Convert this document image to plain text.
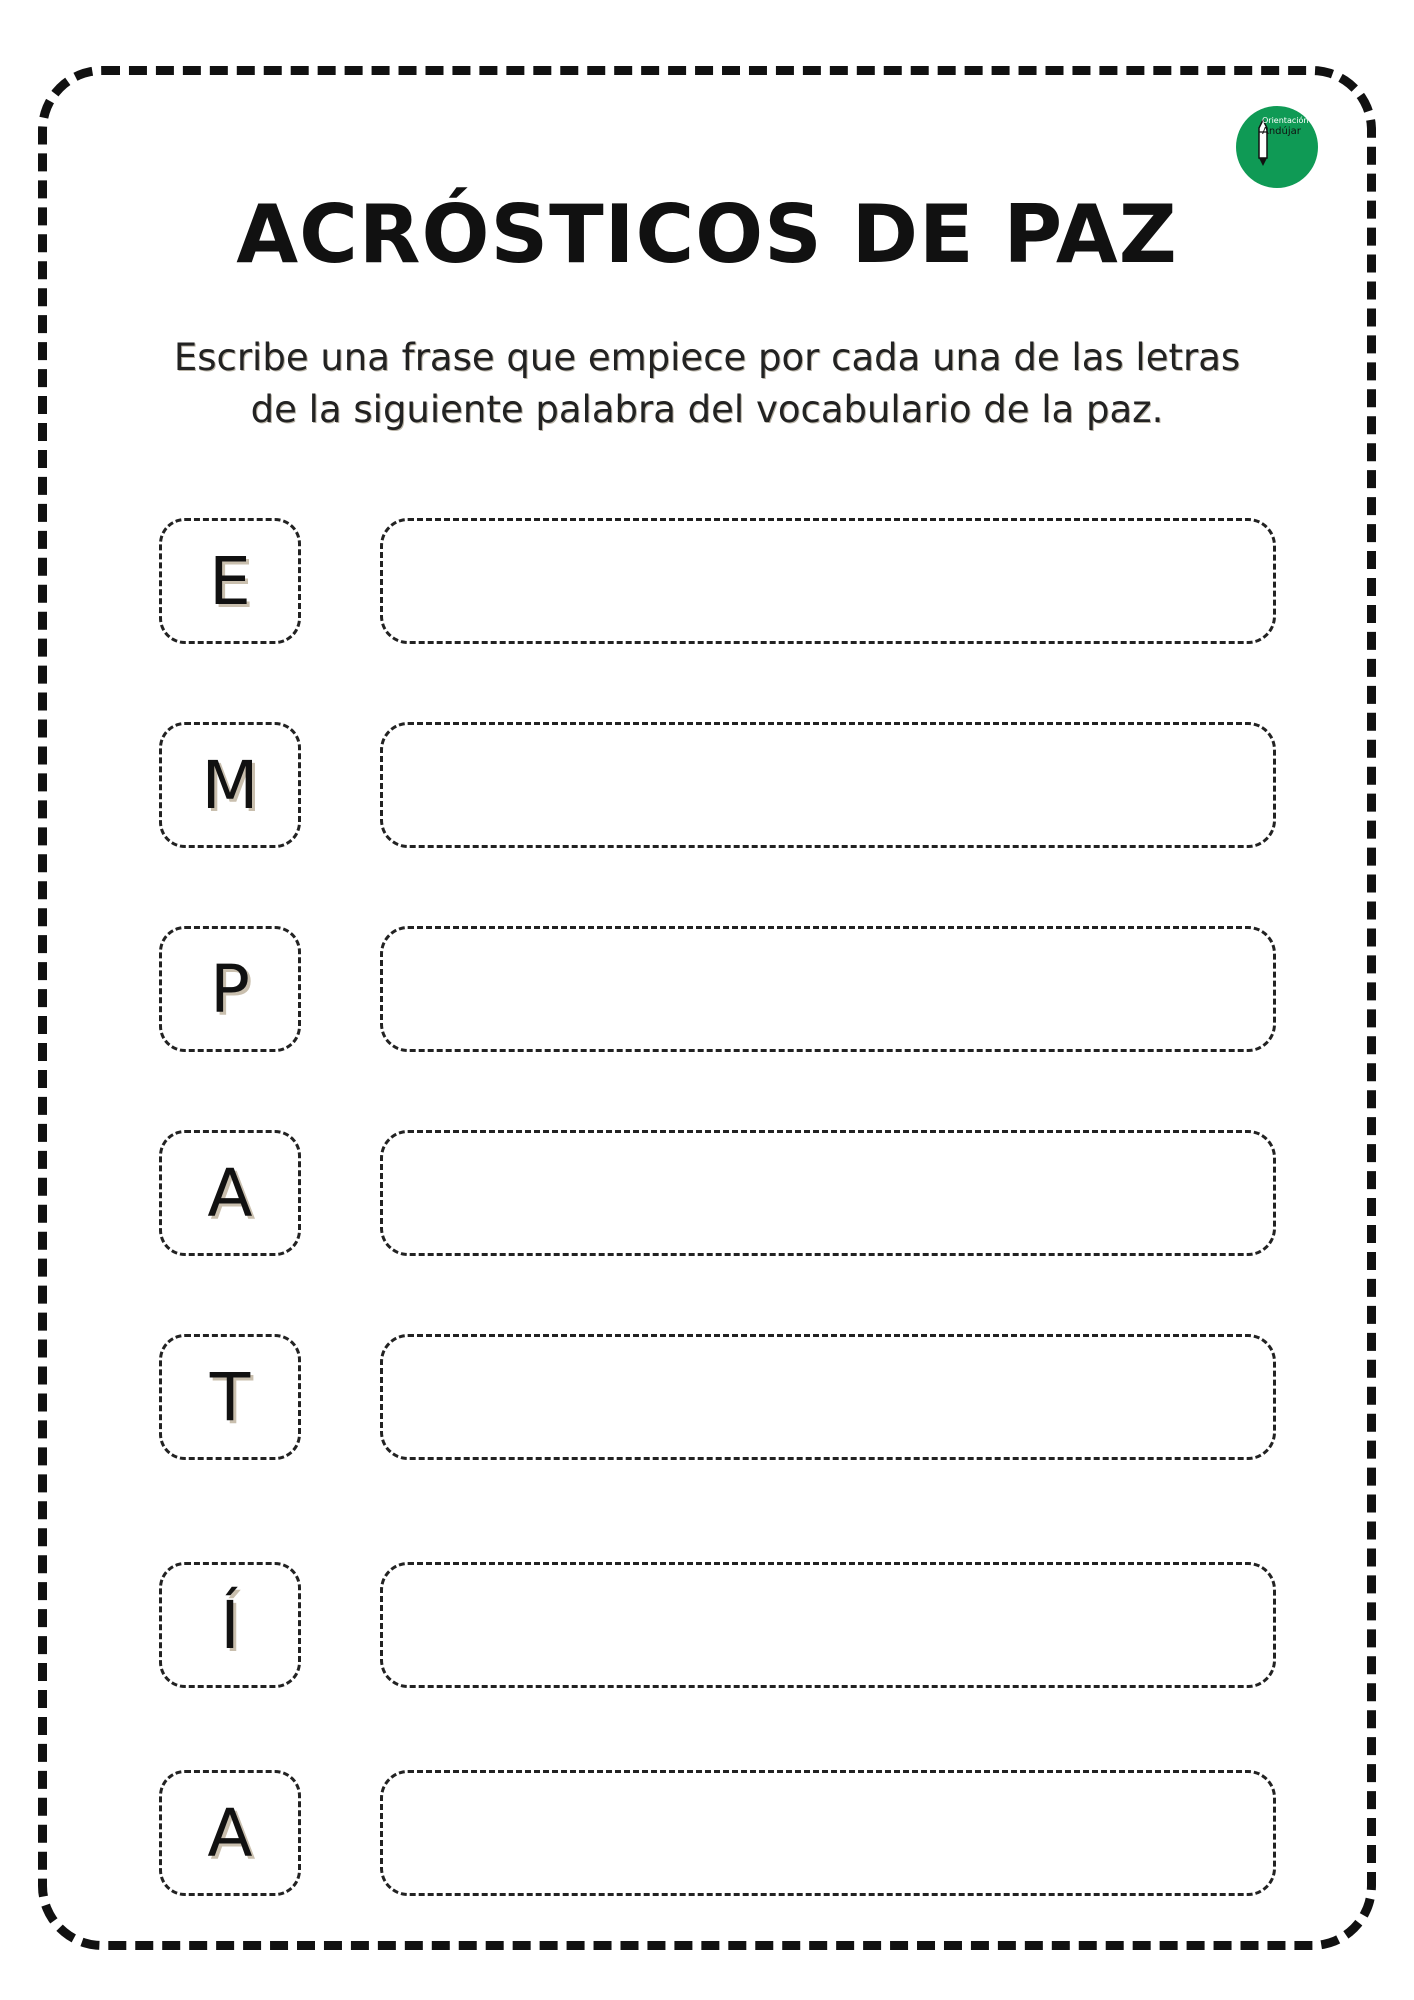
Orientación
Andújar
ACRÓSTICOS DE PAZ
Escribe una frase que empiece por cada una de las letras
de la siguiente palabra del vocabulario de la paz.
E
M
P
A
T
Í
A
